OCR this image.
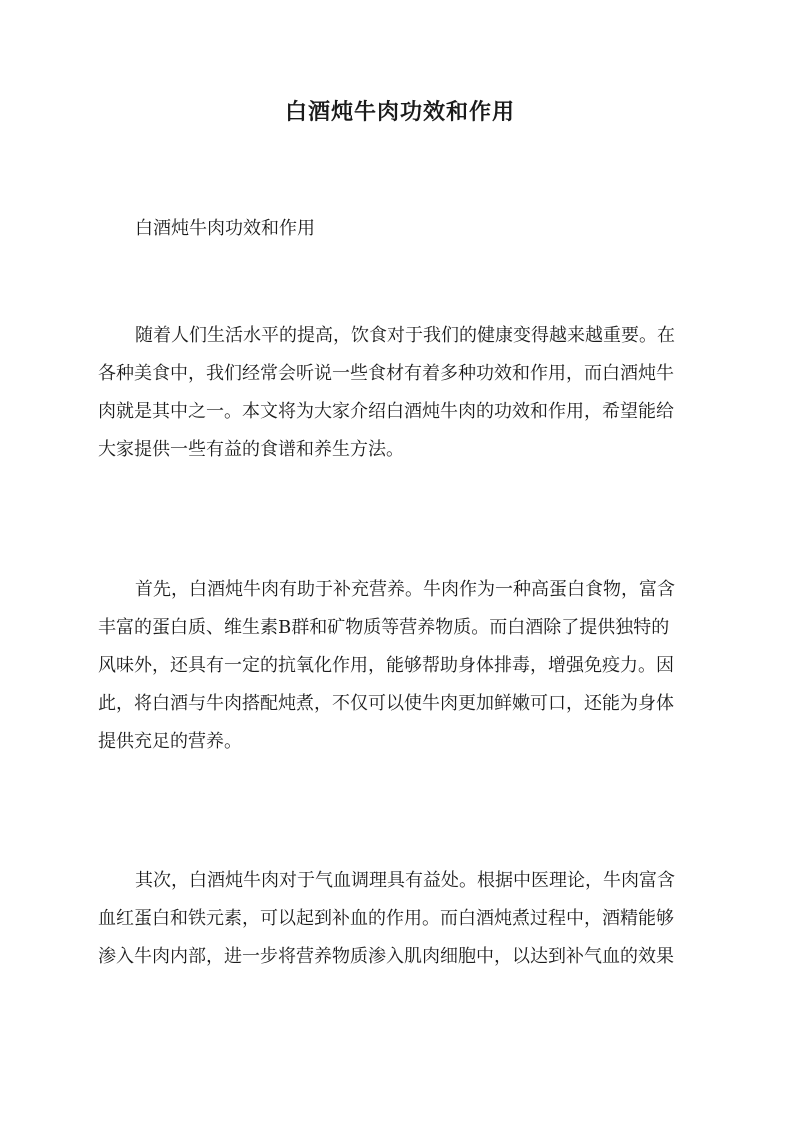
白酒炖牛肉功效和作用
白酒炖牛肉功效和作用
随着人们生活水平的提高，饮食对于我们的健康变得越来越重要。在
各种美食中，我们经常会听说一些食材有着多种功效和作用，而白酒炖牛
肉就是其中之一。本文将为大家介绍白酒炖牛肉的功效和作用，希望能给
大家提供一些有益的食谱和养生方法。
首先，白酒炖牛肉有助于补充营养。牛肉作为一种高蛋白食物，富含
丰富的蛋白质、维生素B群和矿物质等营养物质。而白酒除了提供独特的
风味外，还具有一定的抗氧化作用，能够帮助身体排毒，增强免疫力。因
此，将白酒与牛肉搭配炖煮，不仅可以使牛肉更加鲜嫩可口，还能为身体
提供充足的营养。
其次，白酒炖牛肉对于气血调理具有益处。根据中医理论，牛肉富含
血红蛋白和铁元素，可以起到补血的作用。而白酒炖煮过程中，酒精能够
渗入牛肉内部，进一步将营养物质渗入肌肉细胞中，以达到补气血的效果
